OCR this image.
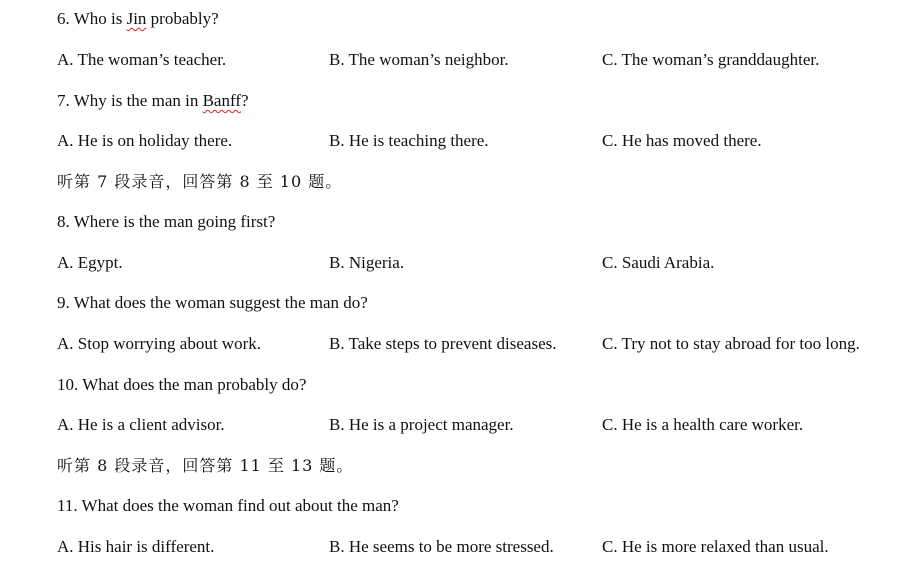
6. Who is Jin probably?
A. The woman’s teacher.	B. The woman’s neighbor.	C. The woman’s granddaughter.
7. Why is the man in Banff?
A. He is on holiday there.	B. He is teaching there.	C. He has moved there.
听第 7 段录音，回答第 8 至 10 题。
8. Where is the man going first?
A. Egypt.	B. Nigeria.	C. Saudi Arabia.
9. What does the woman suggest the man do?
A. Stop worrying about work.	B. Take steps to prevent diseases.	C. Try not to stay abroad for too long.
10. What does the man probably do?
A. He is a client advisor.	B. He is a project manager.	C. He is a health care worker.
听第 8 段录音，回答第 11 至 13 题。
11. What does the woman find out about the man?
A. His hair is different.	B. He seems to be more stressed.	C. He is more relaxed than usual.
